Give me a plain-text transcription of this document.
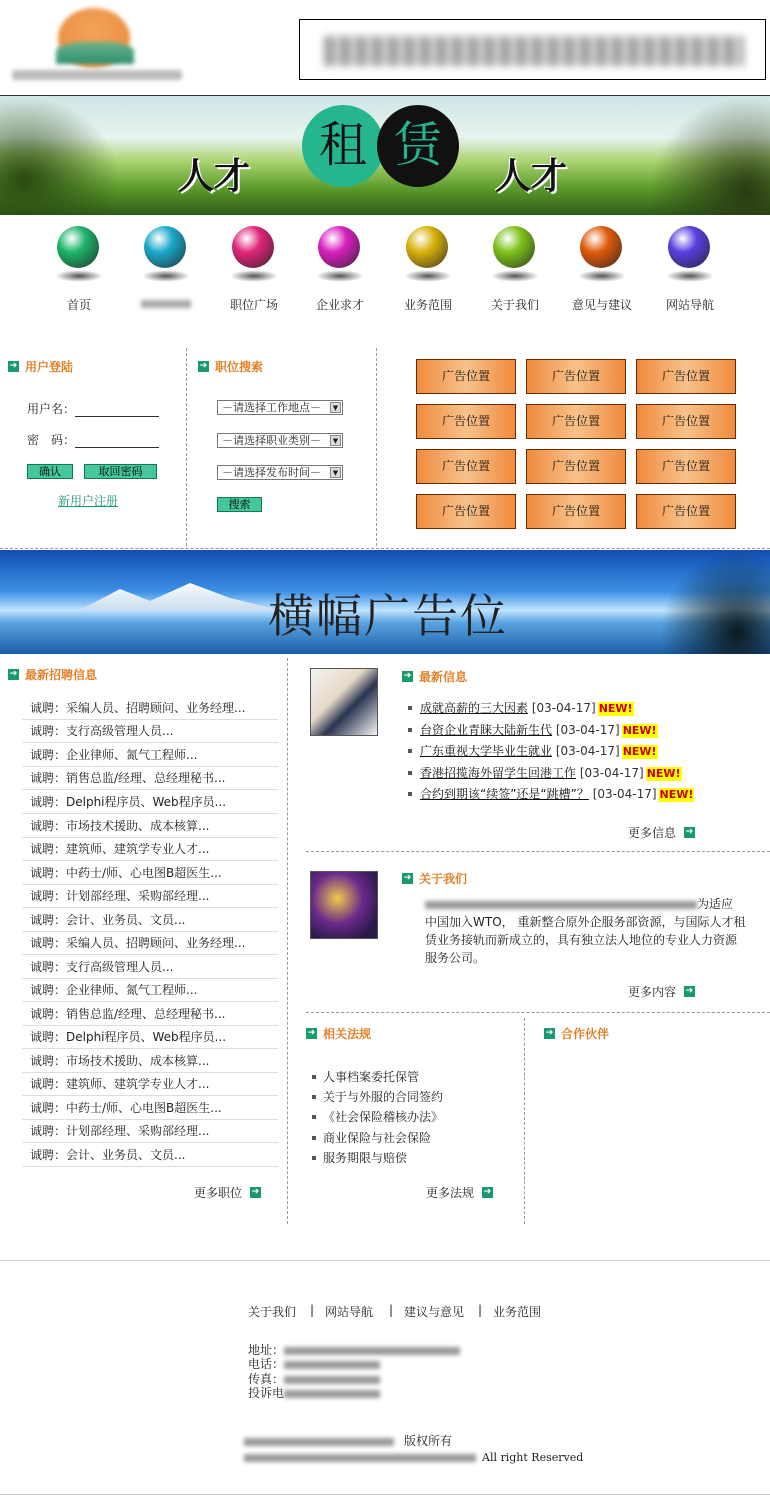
人才
租 赁
人才
首页	职位广场	企业求才	业务范围	关于我们	意见与建议	网站导航
➔ 用户登陆
用户名：
密　码：
确认	取回密码
新用户注册
➔ 职位搜索
－请选择工作地点－	▼
－请选择职业类别－	▼
－请选择发布时间－	▼
搜索
广告位置	广告位置	广告位置
广告位置	广告位置	广告位置
广告位置	广告位置	广告位置
广告位置	广告位置	广告位置
横幅广告位
➔ 最新招聘信息
诚聘：采编人员、招聘顾问、业务经理...
诚聘：支行高级管理人员...
诚聘：企业律师、氮气工程师...
诚聘：销售总监/经理、总经理秘书...
诚聘：Delphi程序员、Web程序员...
诚聘：市场技术援助、成本核算...
诚聘：建筑师、建筑学专业人才...
诚聘：中药士/师、心电图B超医生...
诚聘：计划部经理、采购部经理...
诚聘：会计、业务员、文员...
诚聘：采编人员、招聘顾问、业务经理...
诚聘：支行高级管理人员...
诚聘：企业律师、氮气工程师...
诚聘：销售总监/经理、总经理秘书...
诚聘：Delphi程序员、Web程序员...
诚聘：市场技术援助、成本核算...
诚聘：建筑师、建筑学专业人才...
诚聘：中药士/师、心电图B超医生...
诚聘：计划部经理、采购部经理...
诚聘：会计、业务员、文员...
更多职位 ➔
➔ 最新信息
成就高薪的三大因素 [03-04-17] NEW!
台资企业青睐大陆新生代 [03-04-17] NEW!
广东重视大学毕业生就业 [03-04-17] NEW!
香港招揽海外留学生回港工作 [03-04-17] NEW!
合约到期该“续签”还是“跳槽”？ [03-04-17] NEW!
更多信息 ➔
➔ 关于我们
为适应
中国加入WTO， 重新整合原外企服务部资源，与国际人才租
赁业务接轨而新成立的，具有独立法人地位的专业人力资源
服务公司。
更多内容 ➔
➔ 相关法规
人事档案委托保管
关于与外服的合同签约
《社会保险稽核办法》
商业保险与社会保险
服务期限与赔偿
更多法规 ➔
➔ 合作伙伴
关于我们 | 网站导航 | 建议与意见 | 业务范围
地址：
电话：
传真：
投诉电
版权所有
All right Reserved
